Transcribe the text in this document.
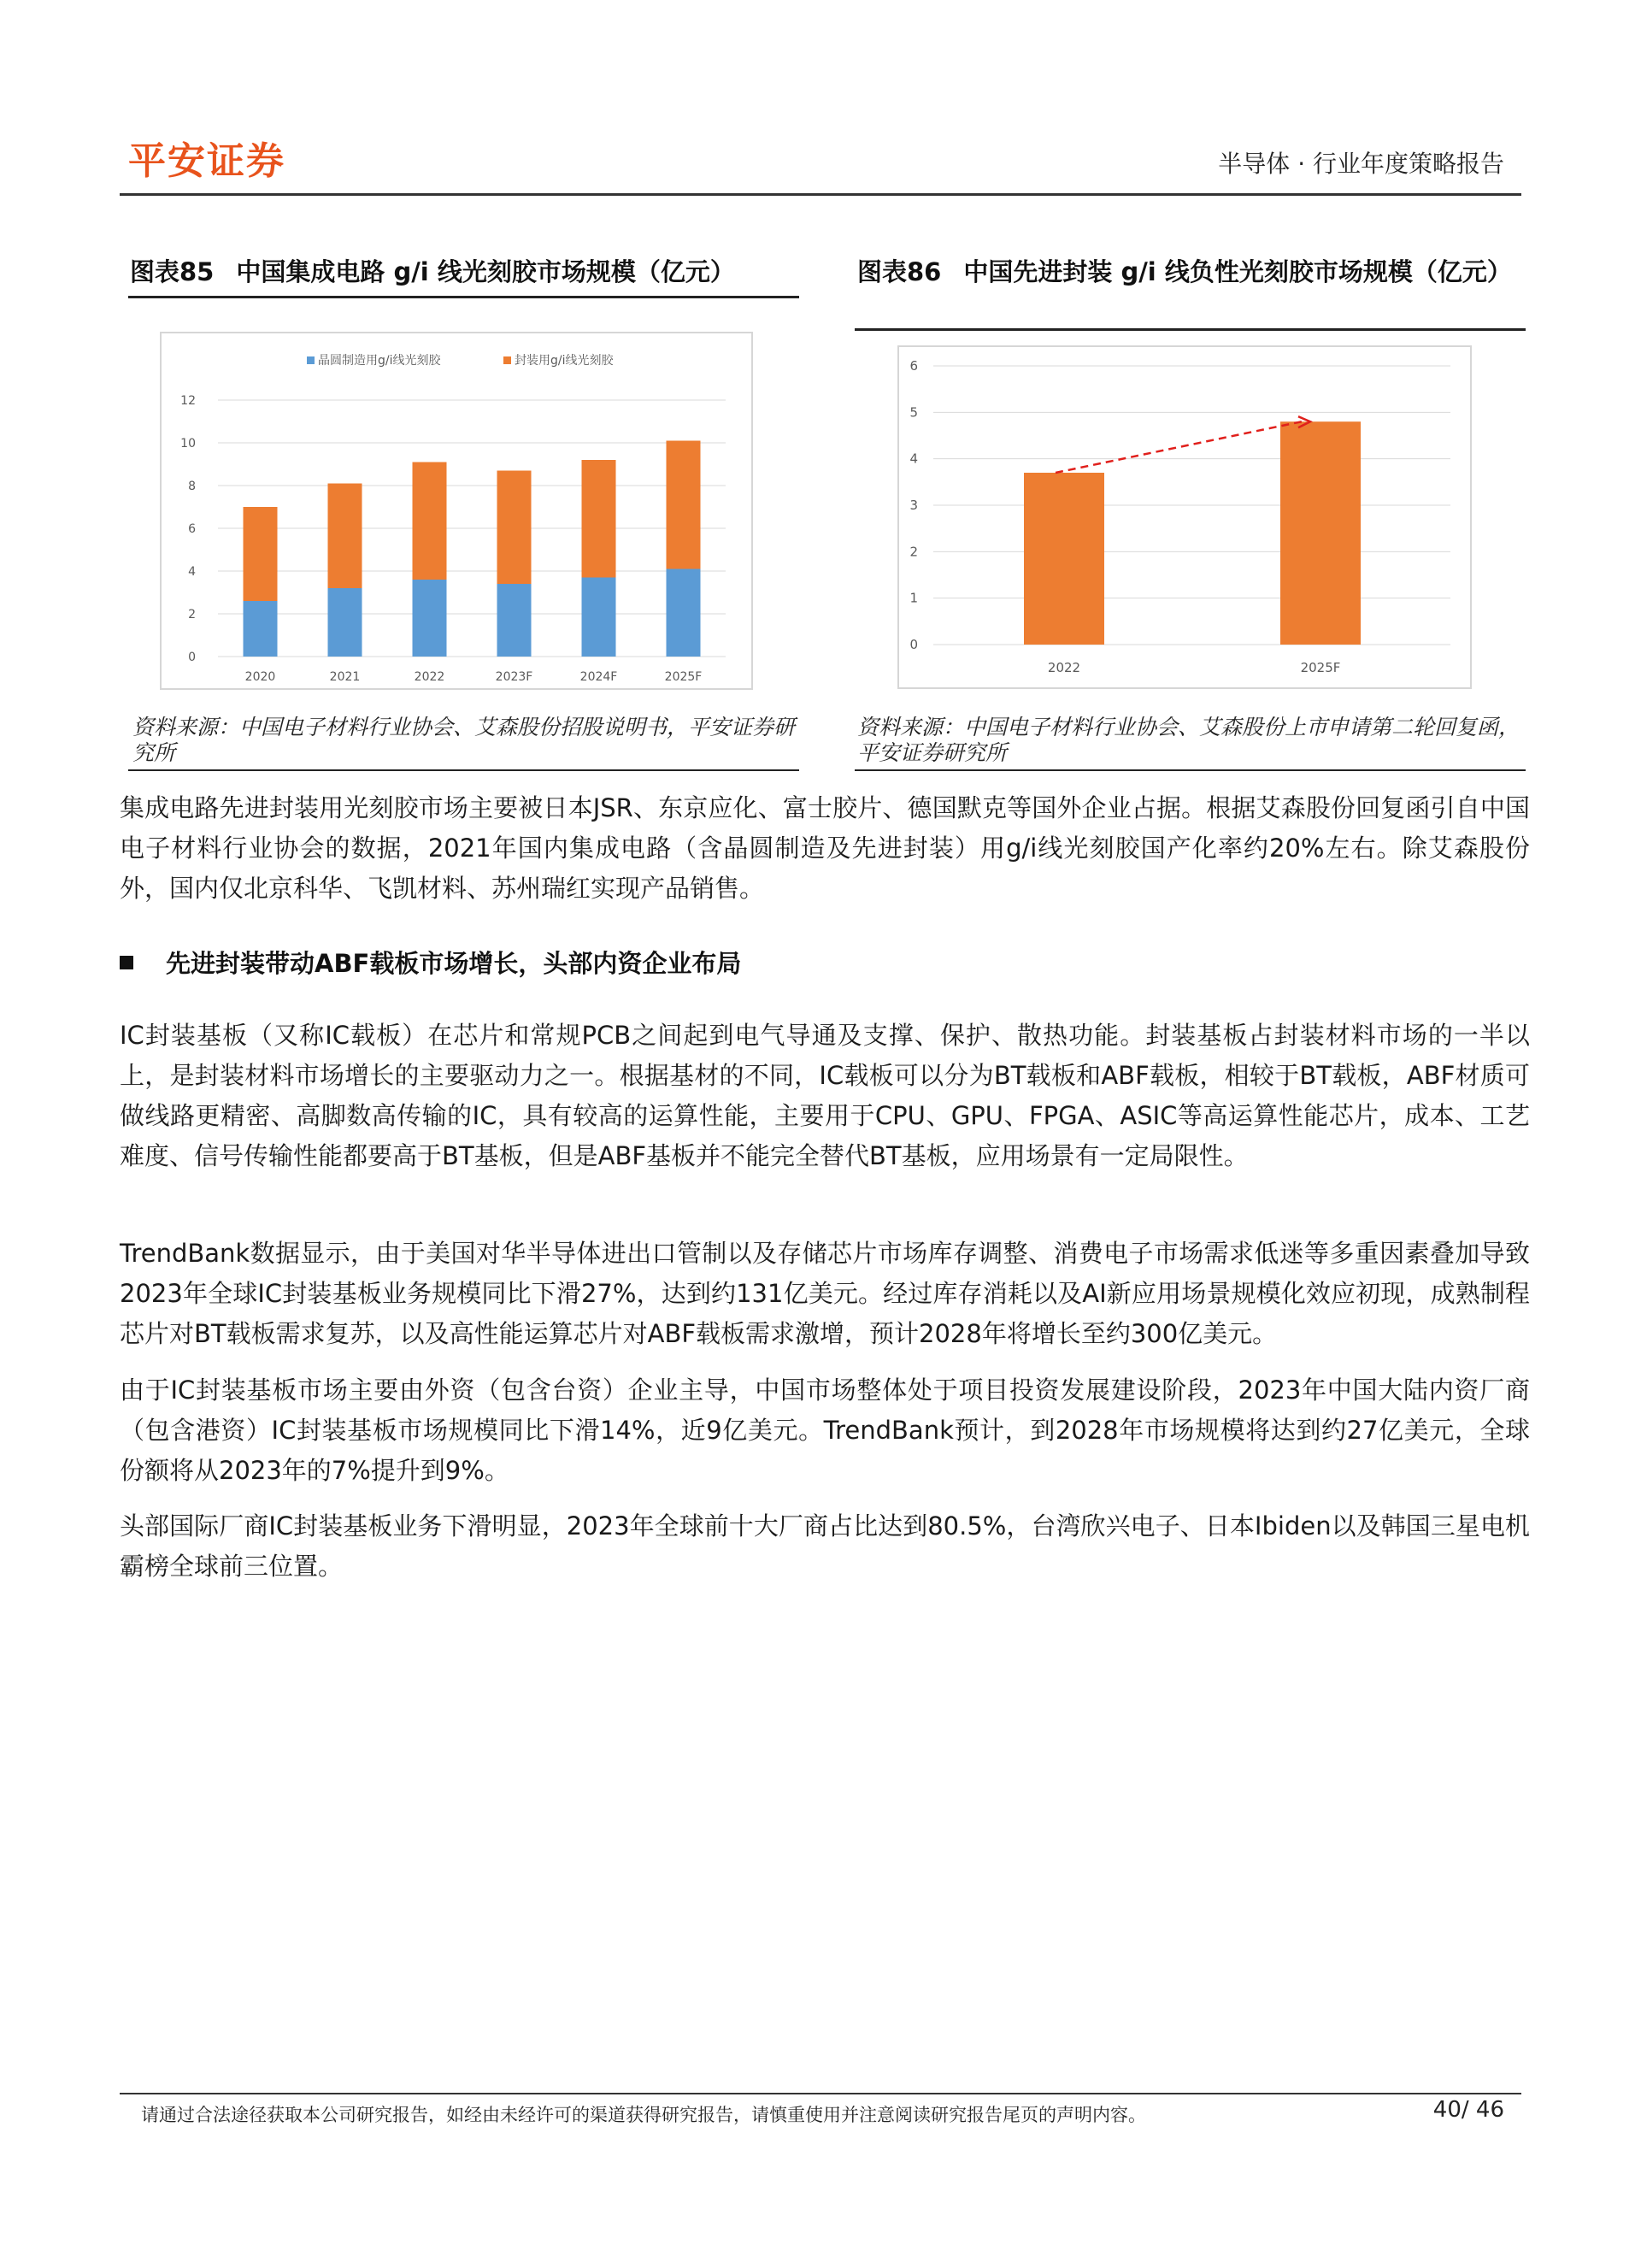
平安证券	半导体 · 行业年度策略报告
图表85 中国集成电路 g/i 线光刻胶市场规模（亿元）
0
2
4
6
8
10
12
晶圆制造用g/i线光刻胶	封装用g/i线光刻胶
2020	2021	2022	2023F	2024F	2025F
资料来源：中国电子材料行业协会、艾森股份招股说明书，平安证券研究所
图表86 中国先进封装 g/i 线负性光刻胶市场规模（亿元）
0
1
2
3
4
5
6
2022	2025F
资料来源：中国电子材料行业协会、艾森股份上市申请第二轮回复函，平安证券研究所
集成电路先进封装用光刻胶市场主要被日本JSR、东京应化、富士胶片、德国默克等国外企业占据。根据艾森股份回复函引自中国电子材料行业协会的数据，2021年国内集成电路（含晶圆制造及先进封装）用g/i线光刻胶国产化率约20%左右。除艾森股份外，国内仅北京科华、飞凯材料、苏州瑞红实现产品销售。
先进封装带动ABF载板市场增长，头部内资企业布局
IC封装基板（又称IC载板）在芯片和常规PCB之间起到电气导通及支撑、保护、散热功能。封装基板占封装材料市场的一半以上，是封装材料市场增长的主要驱动力之一。根据基材的不同，IC载板可以分为BT载板和ABF载板，相较于BT载板，ABF材质可做线路更精密、高脚数高传输的IC，具有较高的运算性能，主要用于CPU、GPU、FPGA、ASIC等高运算性能芯片，成本、工艺难度、信号传输性能都要高于BT基板，但是ABF基板并不能完全替代BT基板，应用场景有一定局限性。
TrendBank数据显示，由于美国对华半导体进出口管制以及存储芯片市场库存调整、消费电子市场需求低迷等多重因素叠加导致2023年全球IC封装基板业务规模同比下滑27%，达到约131亿美元。经过库存消耗以及AI新应用场景规模化效应初现，成熟制程芯片对BT载板需求复苏，以及高性能运算芯片对ABF载板需求激增，预计2028年将增长至约300亿美元。
由于IC封装基板市场主要由外资（包含台资）企业主导，中国市场整体处于项目投资发展建设阶段，2023年中国大陆内资厂商（包含港资）IC封装基板市场规模同比下滑14%，近9亿美元。TrendBank预计，到2028年市场规模将达到约27亿美元，全球份额将从2023年的7%提升到9%。
头部国际厂商IC封装基板业务下滑明显，2023年全球前十大厂商占比达到80.5%，台湾欣兴电子、日本Ibiden以及韩国三星电机霸榜全球前三位置。
请通过合法途径获取本公司研究报告，如经由未经许可的渠道获得研究报告，请慎重使用并注意阅读研究报告尾页的声明内容。	40/ 46
